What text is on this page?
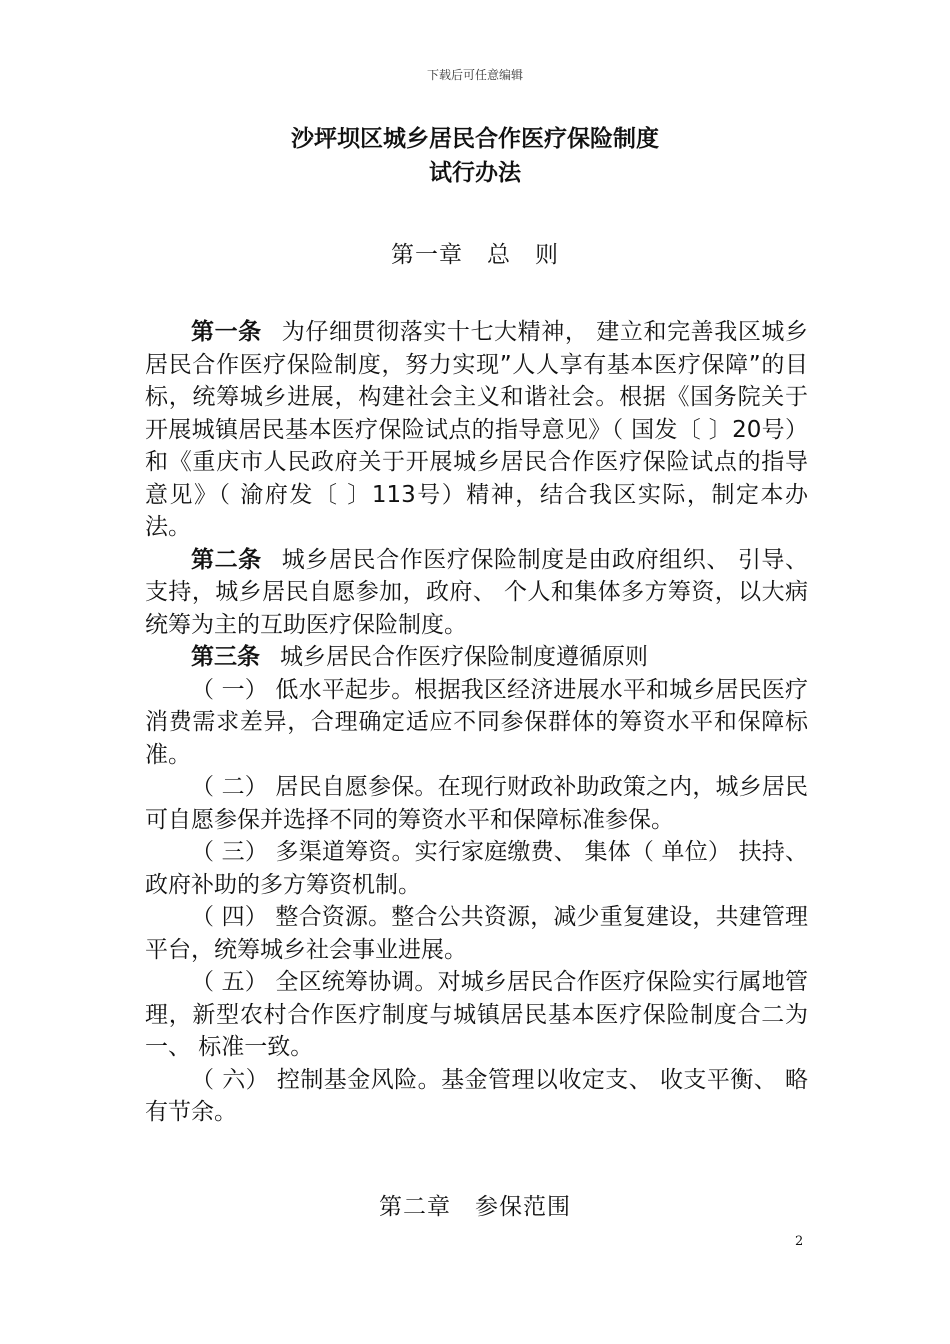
下载后可任意编辑
沙坪坝区城乡居民合作医疗保险制度
试行办法
第一章　总　则

第一条 为仔细贯彻落实十七大精神， 建立和完善我区城乡居民合作医疗保险制度，努力实现”人人享有基本医疗保障”的目标，统筹城乡进展，构建社会主义和谐社会。根据《国务院关于开展城镇居民基本医疗保险试点的指导意见》（ 国发〔 〕20号）和《重庆市人民政府关于开展城乡居民合作医疗保险试点的指导意见》（ 渝府发〔 〕113号）精神，结合我区实际，制定本办法。

第二条 城乡居民合作医疗保险制度是由政府组织、 引导、支持，城乡居民自愿参加，政府、 个人和集体多方筹资，以大病统筹为主的互助医疗保险制度。

第三条 城乡居民合作医疗保险制度遵循原则

（ 一） 低水平起步。根据我区经济进展水平和城乡居民医疗消费需求差异，合理确定适应不同参保群体的筹资水平和保障标准。

（ 二） 居民自愿参保。在现行财政补助政策之内，城乡居民可自愿参保并选择不同的筹资水平和保障标准参保。

（ 三） 多渠道筹资。实行家庭缴费、 集体（ 单位） 扶持、政府补助的多方筹资机制。

（ 四） 整合资源。整合公共资源，减少重复建设，共建管理平台，统筹城乡社会事业进展。

（ 五） 全区统筹协调。对城乡居民合作医疗保险实行属地管理，新型农村合作医疗制度与城镇居民基本医疗保险制度合二为一、 标准一致。

（ 六） 控制基金风险。基金管理以收定支、 收支平衡、 略有节余。

第二章　参保范围
2
